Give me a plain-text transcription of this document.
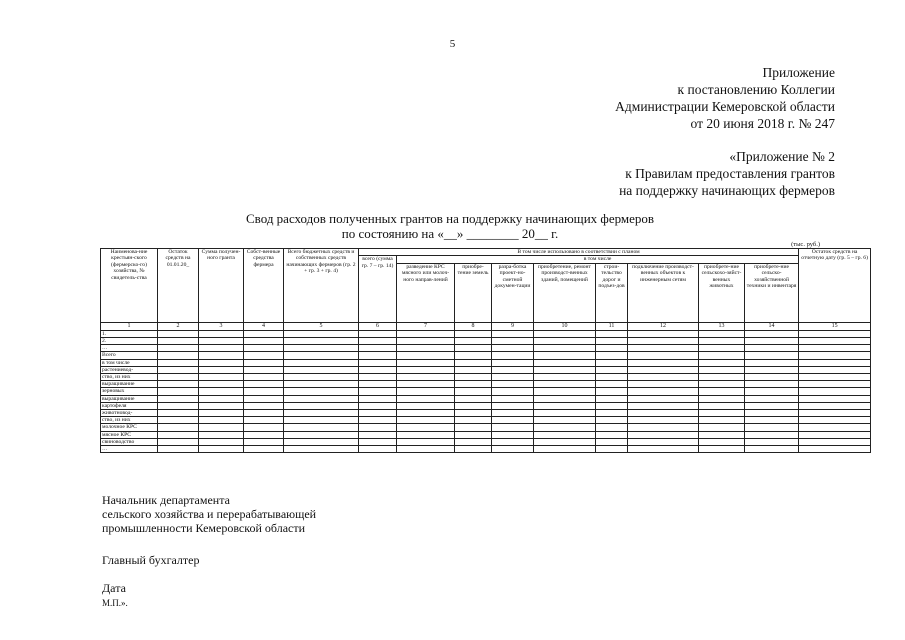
5
Приложение
к постановлению Коллегии
Администрации Кемеровской области
от 20 июня 2018 г. № 247
«Приложение № 2
к Правилам предоставления грантов
на поддержку начинающих фермеров
Свод расходов полученных грантов на поддержку начинающих фермеров
по состоянию на «__» ________ 20__ г.
(тыс. руб.)
Наименова-ние крестьян-ского (фермерско-го) хозяйства, № свидетель-ства	Остаток средств на 01.01.20_	Сумма получен-ного гранта	Собст-венные средства фермера	Всего бюджетных средств и собственных средств начинающих фермеров (гр. 2 + гр. 3 + гр. 4)	В том числе использовано в соответствии с планом									Остаток средств на отчетную дату (гр. 5 – гр. 6)
					всего (сумма гр. 7 – гр. 14)	в том числе								
						разведение КРС мясного или молоч-ного направ-лений	приобре-тение земель	разра-ботка проект-но-сметной докумен-тации	приобретение, ремонт производст-венных зданий, помещений	строи-тельство дорог и подъез-дов	подключение производст-венных объектов к инженерным сетям	приобрете-ние сельскохо-зяйст-венных животных	приобрете-ние сельско-хозяйственной техники и инвентаря	
1	2	3	4	5	6	7	8	9	10	11	12	13	14	15
1.														
2.														
…														
Всего														
в том числе														
растениевод-														
ство, из них														
выращивание														
зерновых														
выращивание														
картофеля														
животновод-														
ство, из них														
молочное КРС														
мясное КРС														
свиноводство														
…														
Начальник департамента
сельского хозяйства и перерабатывающей
промышленности Кемеровской области
Главный бухгалтер
Дата
М.П.».
